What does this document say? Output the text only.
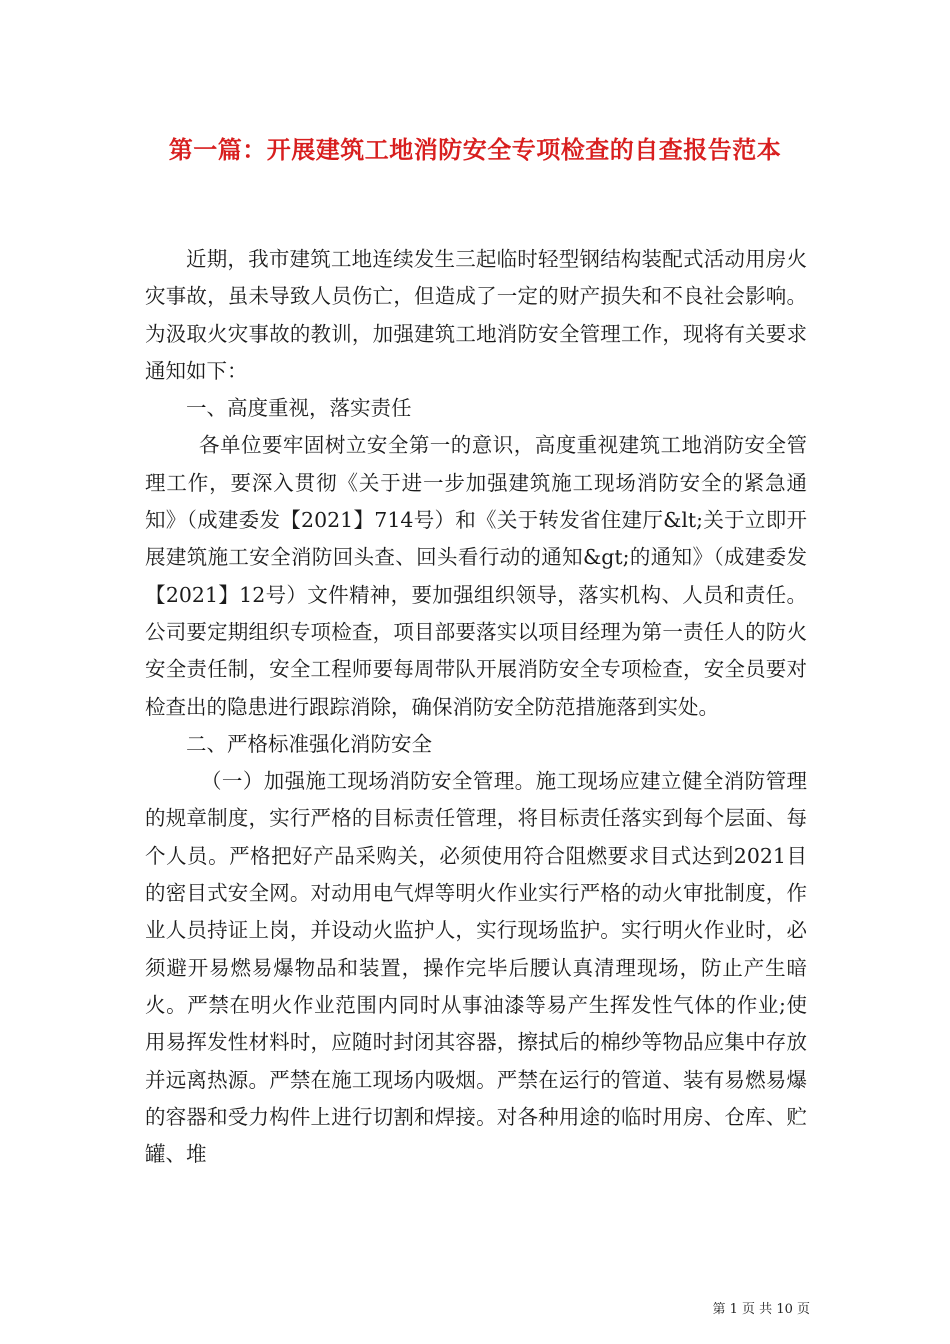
第一篇：开展建筑工地消防安全专项检查的自查报告范本

近期，我市建筑工地连续发生三起临时轻型钢结构装配式活动用房火灾事故，虽未导致人员伤亡，但造成了一定的财产损失和不良社会影响。为汲取火灾事故的教训，加强建筑工地消防安全管理工作，现将有关要求通知如下：

一、高度重视，落实责任

各单位要牢固树立安全第一的意识，高度重视建筑工地消防安全管理工作，要深入贯彻《关于进一步加强建筑施工现场消防安全的紧急通知》（成建委发【2021】714号）和《关于转发省住建厅&lt;关于立即开展建筑施工安全消防回头查、回头看行动的通知&gt;的通知》（成建委发【2021】12号）文件精神，要加强组织领导，落实机构、人员和责任。公司要定期组织专项检查，项目部要落实以项目经理为第一责任人的防火安全责任制，安全工程师要每周带队开展消防安全专项检查，安全员要对检查出的隐患进行跟踪消除，确保消防安全防范措施落到实处。

二、严格标准强化消防安全

（一）加强施工现场消防安全管理。施工现场应建立健全消防管理的规章制度，实行严格的目标责任管理，将目标责任落实到每个层面、每个人员。严格把好产品采购关，必须使用符合阻燃要求目式达到2021目的密目式安全网。对动用电气焊等明火作业实行严格的动火审批制度，作业人员持证上岗，并设动火监护人，实行现场监护。实行明火作业时，必须避开易燃易爆物品和装置，操作完毕后腰认真清理现场，防止产生暗火。严禁在明火作业范围内同时从事油漆等易产生挥发性气体的作业;使用易挥发性材料时，应随时封闭其容器，擦拭后的棉纱等物品应集中存放并远离热源。严禁在施工现场内吸烟。严禁在运行的管道、装有易燃易爆的容器和受力构件上进行切割和焊接。对各种用途的临时用房、仓库、贮罐、堆

第 1 页 共 10 页
